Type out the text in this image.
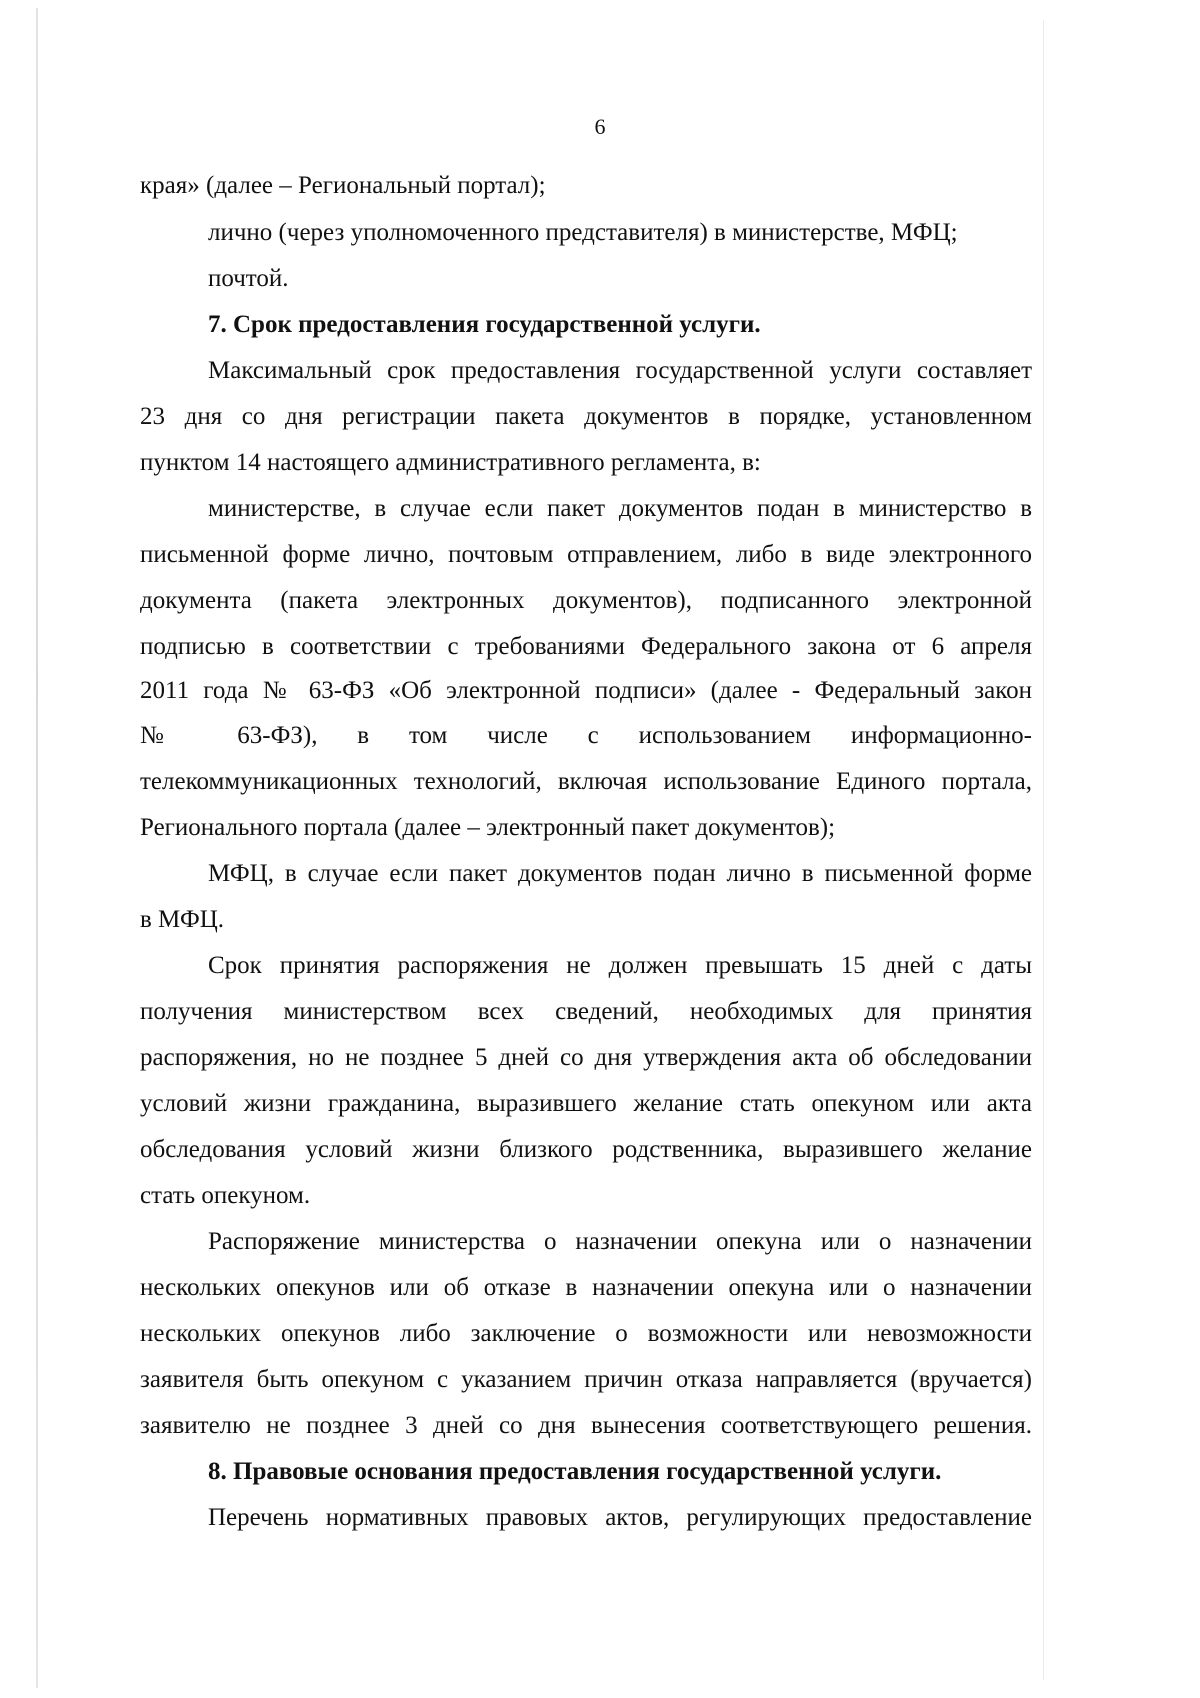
6
края» (далее – Региональный портал);
лично (через уполномоченного представителя) в министерстве, МФЦ;
почтой.
7. Срок предоставления государственной услуги.
Максимальный срок предоставления государственной услуги составляет
23 дня со дня регистрации пакета документов в порядке, установленном
пунктом 14 настоящего административного регламента, в:
министерстве, в случае если пакет документов подан в министерство в
письменной форме лично, почтовым отправлением, либо в виде электронного
документа (пакета электронных документов), подписанного электронной
подписью в соответствии с требованиями Федерального закона от 6 апреля
2011 года № 63-ФЗ «Об электронной подписи» (далее - Федеральный закон
№ 63-ФЗ), в том числе с использованием информационно-
телекоммуникационных технологий, включая использование Единого портала,
Регионального портала (далее – электронный пакет документов);
МФЦ, в случае если пакет документов подан лично в письменной форме
в МФЦ.
Срок принятия распоряжения не должен превышать 15 дней с даты
получения министерством всех сведений, необходимых для принятия
распоряжения, но не позднее 5 дней со дня утверждения акта об обследовании
условий жизни гражданина, выразившего желание стать опекуном или акта
обследования условий жизни близкого родственника, выразившего желание
стать опекуном.
Распоряжение министерства о назначении опекуна или о назначении
нескольких опекунов или об отказе в назначении опекуна или о назначении
нескольких опекунов либо заключение о возможности или невозможности
заявителя быть опекуном с указанием причин отказа направляется (вручается)
заявителю не позднее 3 дней со дня вынесения соответствующего решения.
8. Правовые основания предоставления государственной услуги.
Перечень нормативных правовых актов, регулирующих предоставление
